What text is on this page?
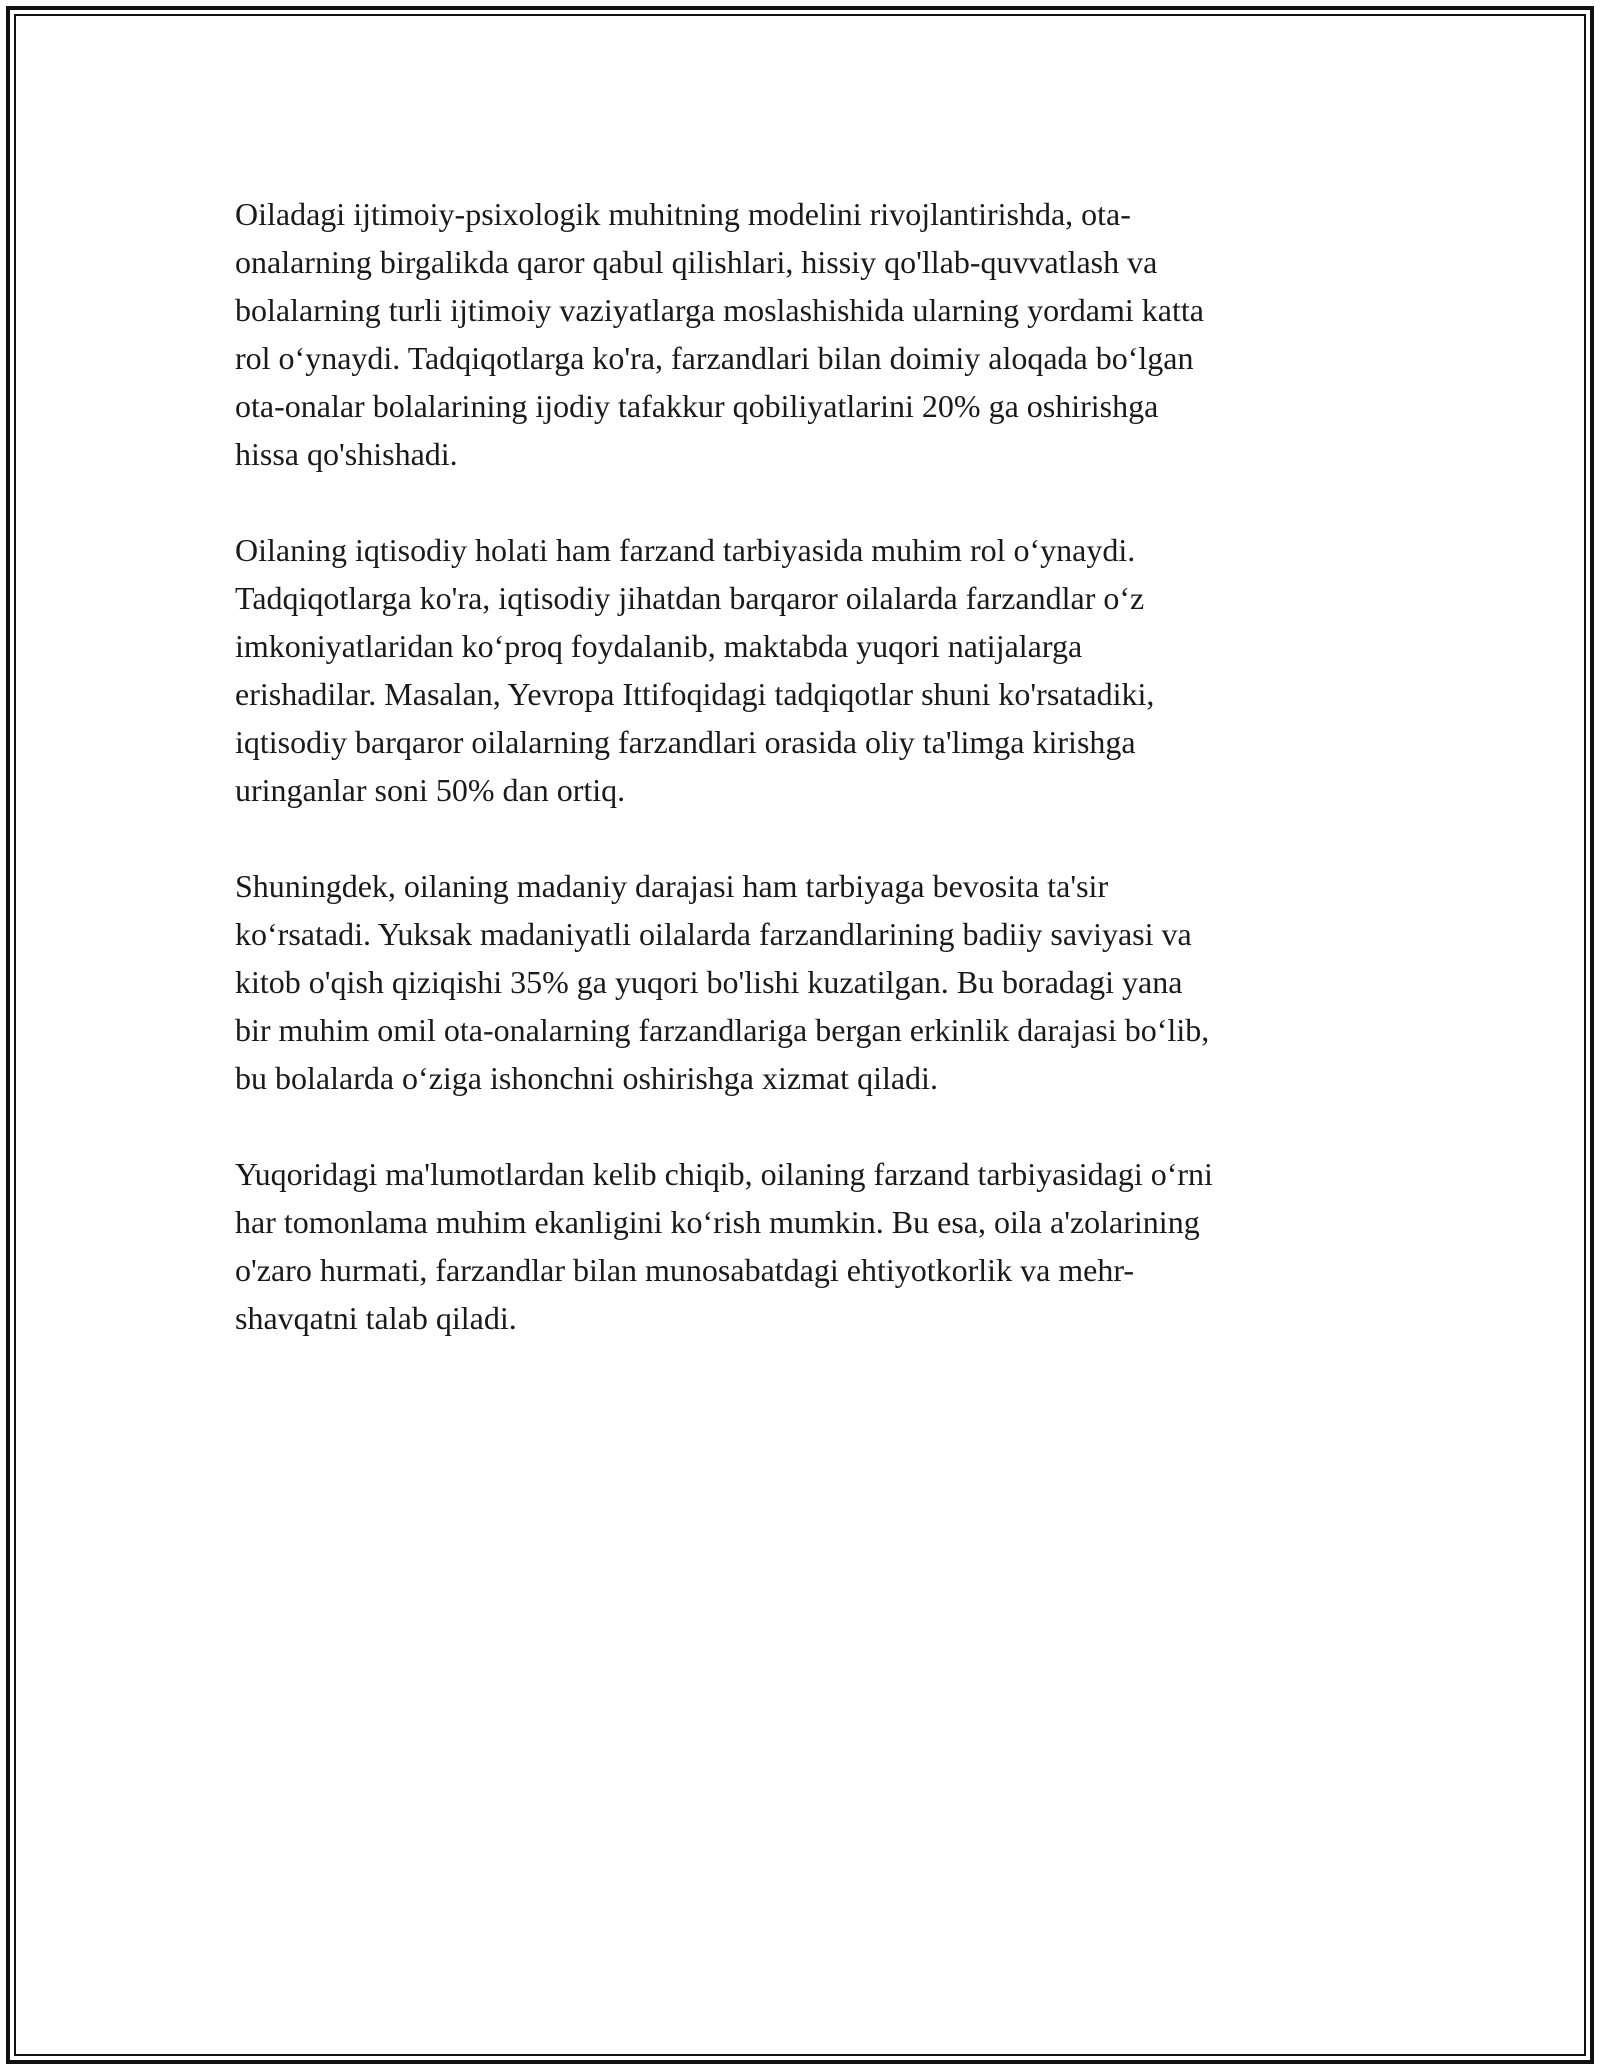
Oiladagi ijtimoiy-psixologik muhitning modelini rivojlantirishda, ota-
onalarning birgalikda qaror qabul qilishlari, hissiy qo'llab-quvvatlash va
bolalarning turli ijtimoiy vaziyatlarga moslashishida ularning yordami katta
rol o‘ynaydi. Tadqiqotlarga ko'ra, farzandlari bilan doimiy aloqada bo‘lgan
ota-onalar bolalarining ijodiy tafakkur qobiliyatlarini 20% ga oshirishga
hissa qo'shishadi.

Oilaning iqtisodiy holati ham farzand tarbiyasida muhim rol o‘ynaydi.
Tadqiqotlarga ko'ra, iqtisodiy jihatdan barqaror oilalarda farzandlar o‘z
imkoniyatlaridan ko‘proq foydalanib, maktabda yuqori natijalarga
erishadilar. Masalan, Yevropa Ittifoqidagi tadqiqotlar shuni ko'rsatadiki,
iqtisodiy barqaror oilalarning farzandlari orasida oliy ta'limga kirishga
uringanlar soni 50% dan ortiq.

Shuningdek, oilaning madaniy darajasi ham tarbiyaga bevosita ta'sir
ko‘rsatadi. Yuksak madaniyatli oilalarda farzandlarining badiiy saviyasi va
kitob o'qish qiziqishi 35% ga yuqori bo'lishi kuzatilgan. Bu boradagi yana
bir muhim omil ota-onalarning farzandlariga bergan erkinlik darajasi bo‘lib,
bu bolalarda o‘ziga ishonchni oshirishga xizmat qiladi.

Yuqoridagi ma'lumotlardan kelib chiqib, oilaning farzand tarbiyasidagi o‘rni
har tomonlama muhim ekanligini ko‘rish mumkin. Bu esa, oila a'zolarining
o'zaro hurmati, farzandlar bilan munosabatdagi ehtiyotkorlik va mehr-
shavqatni talab qiladi.
